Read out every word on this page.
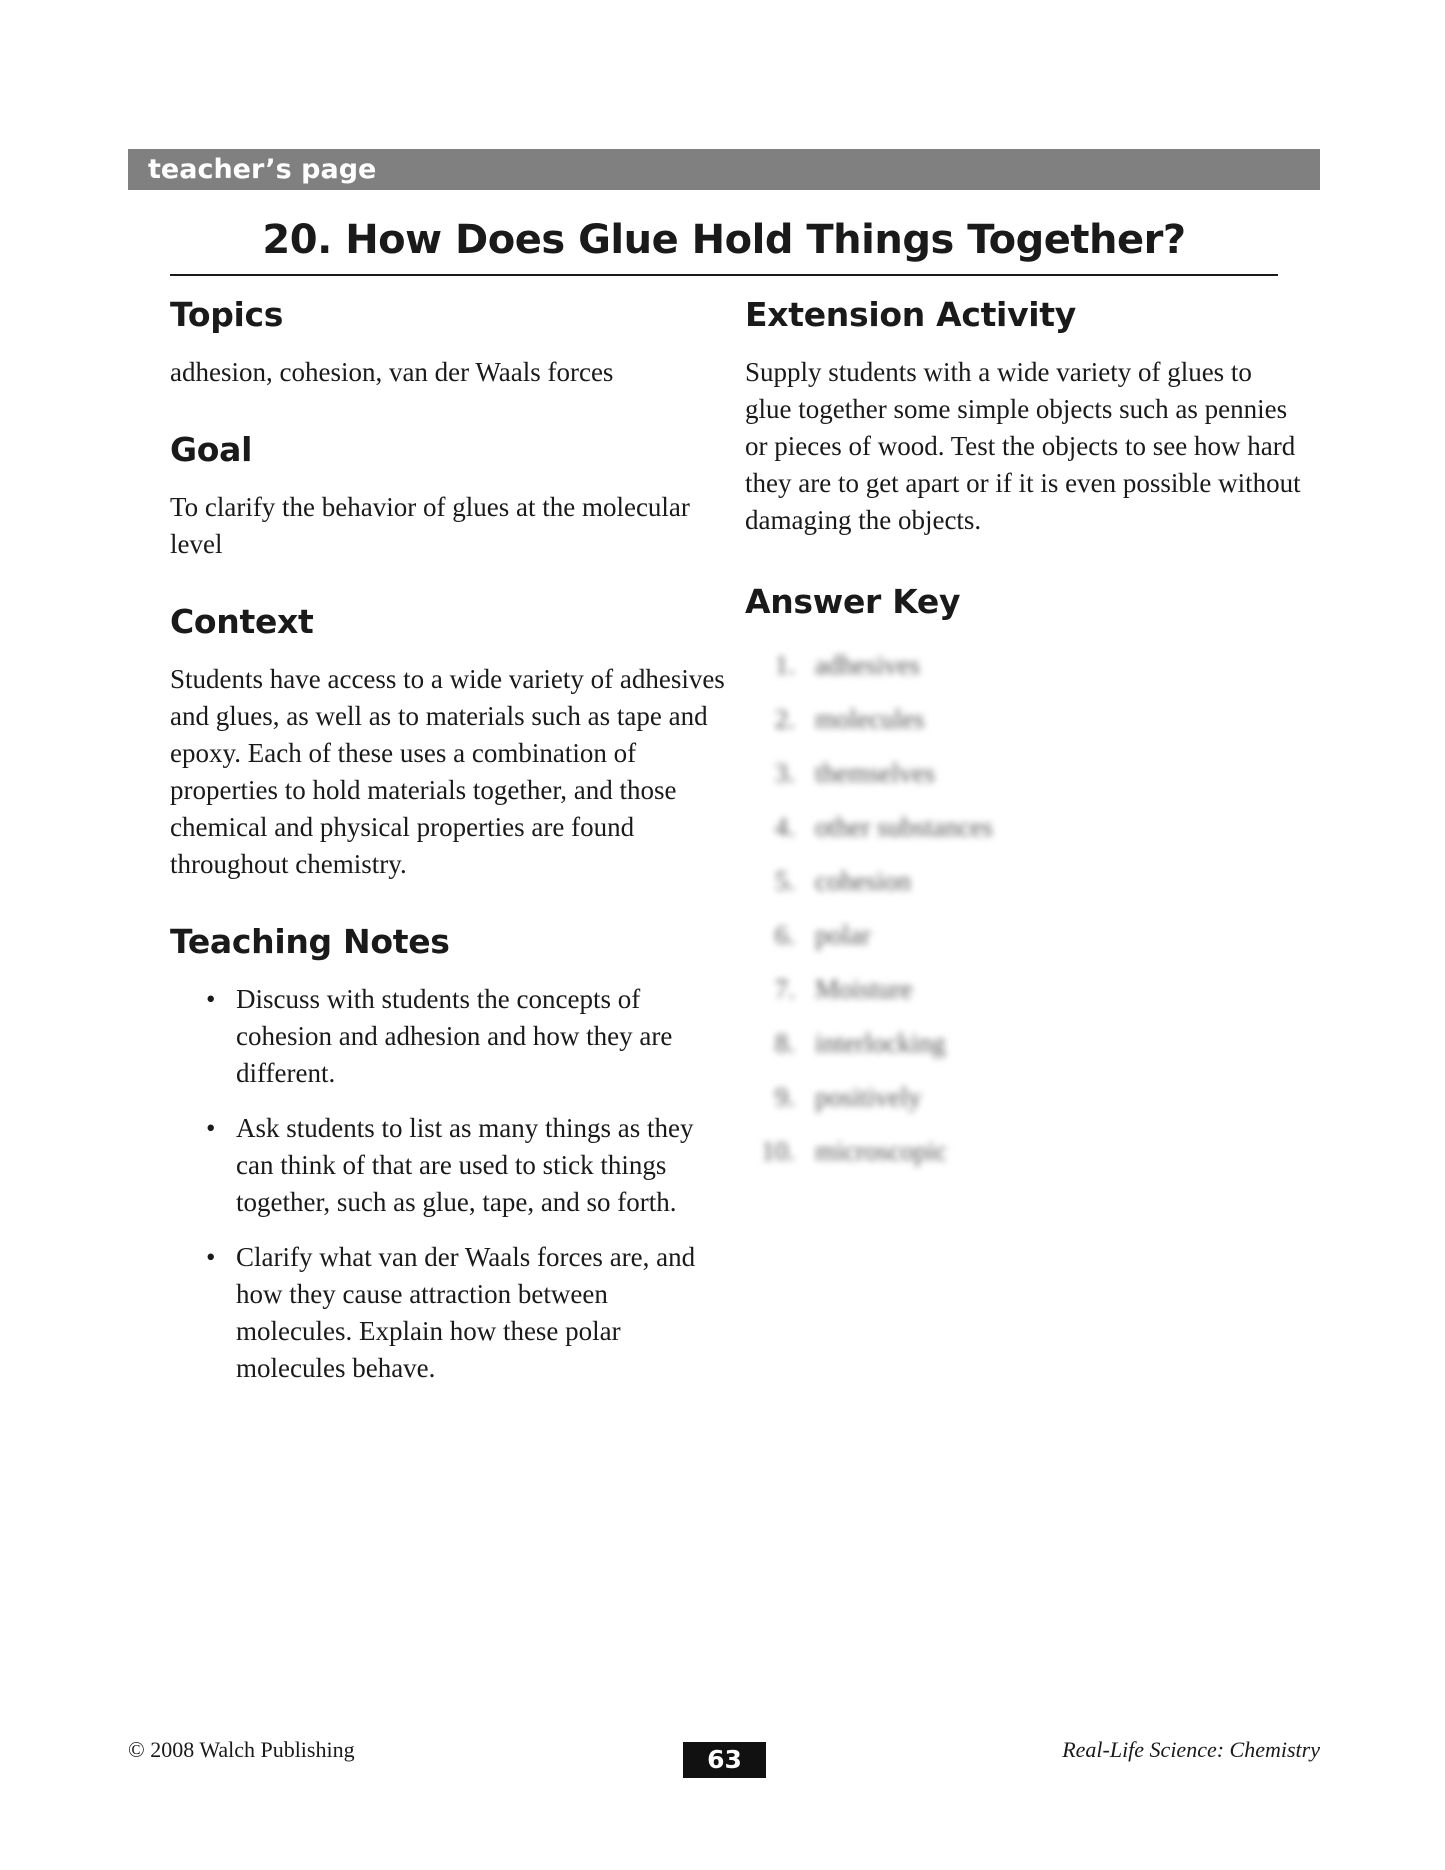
teacher’s page
20. How Does Glue Hold Things Together?
Topics

adhesion, cohesion, van der Waals forces

Goal

To clarify the behavior of glues at the molecular level

Context

Students have access to a wide variety of adhesives and glues, as well as to materials such as tape and epoxy. Each of these uses a combination of properties to hold materials together, and those chemical and physical properties are found throughout chemistry.

Teaching Notes
• Discuss with students the concepts of cohesion and adhesion and how they are different.
• Ask students to list as many things as they can think of that are used to stick things together, such as glue, tape, and so forth.
• Clarify what van der Waals forces are, and how they cause attraction between molecules. Explain how these polar molecules behave.
Extension Activity

Supply students with a wide variety of glues to glue together some simple objects such as pennies or pieces of wood. Test the objects to see how hard they are to get apart or if it is even possible without damaging the objects.

Answer Key
1. adhesives
2. molecules
3. themselves
4. other substances
5. cohesion
6. polar
7. Moisture
8. interlocking
9. positively
10. microscopic
© 2008 Walch Publishing	63	Real-Life Science: Chemistry
